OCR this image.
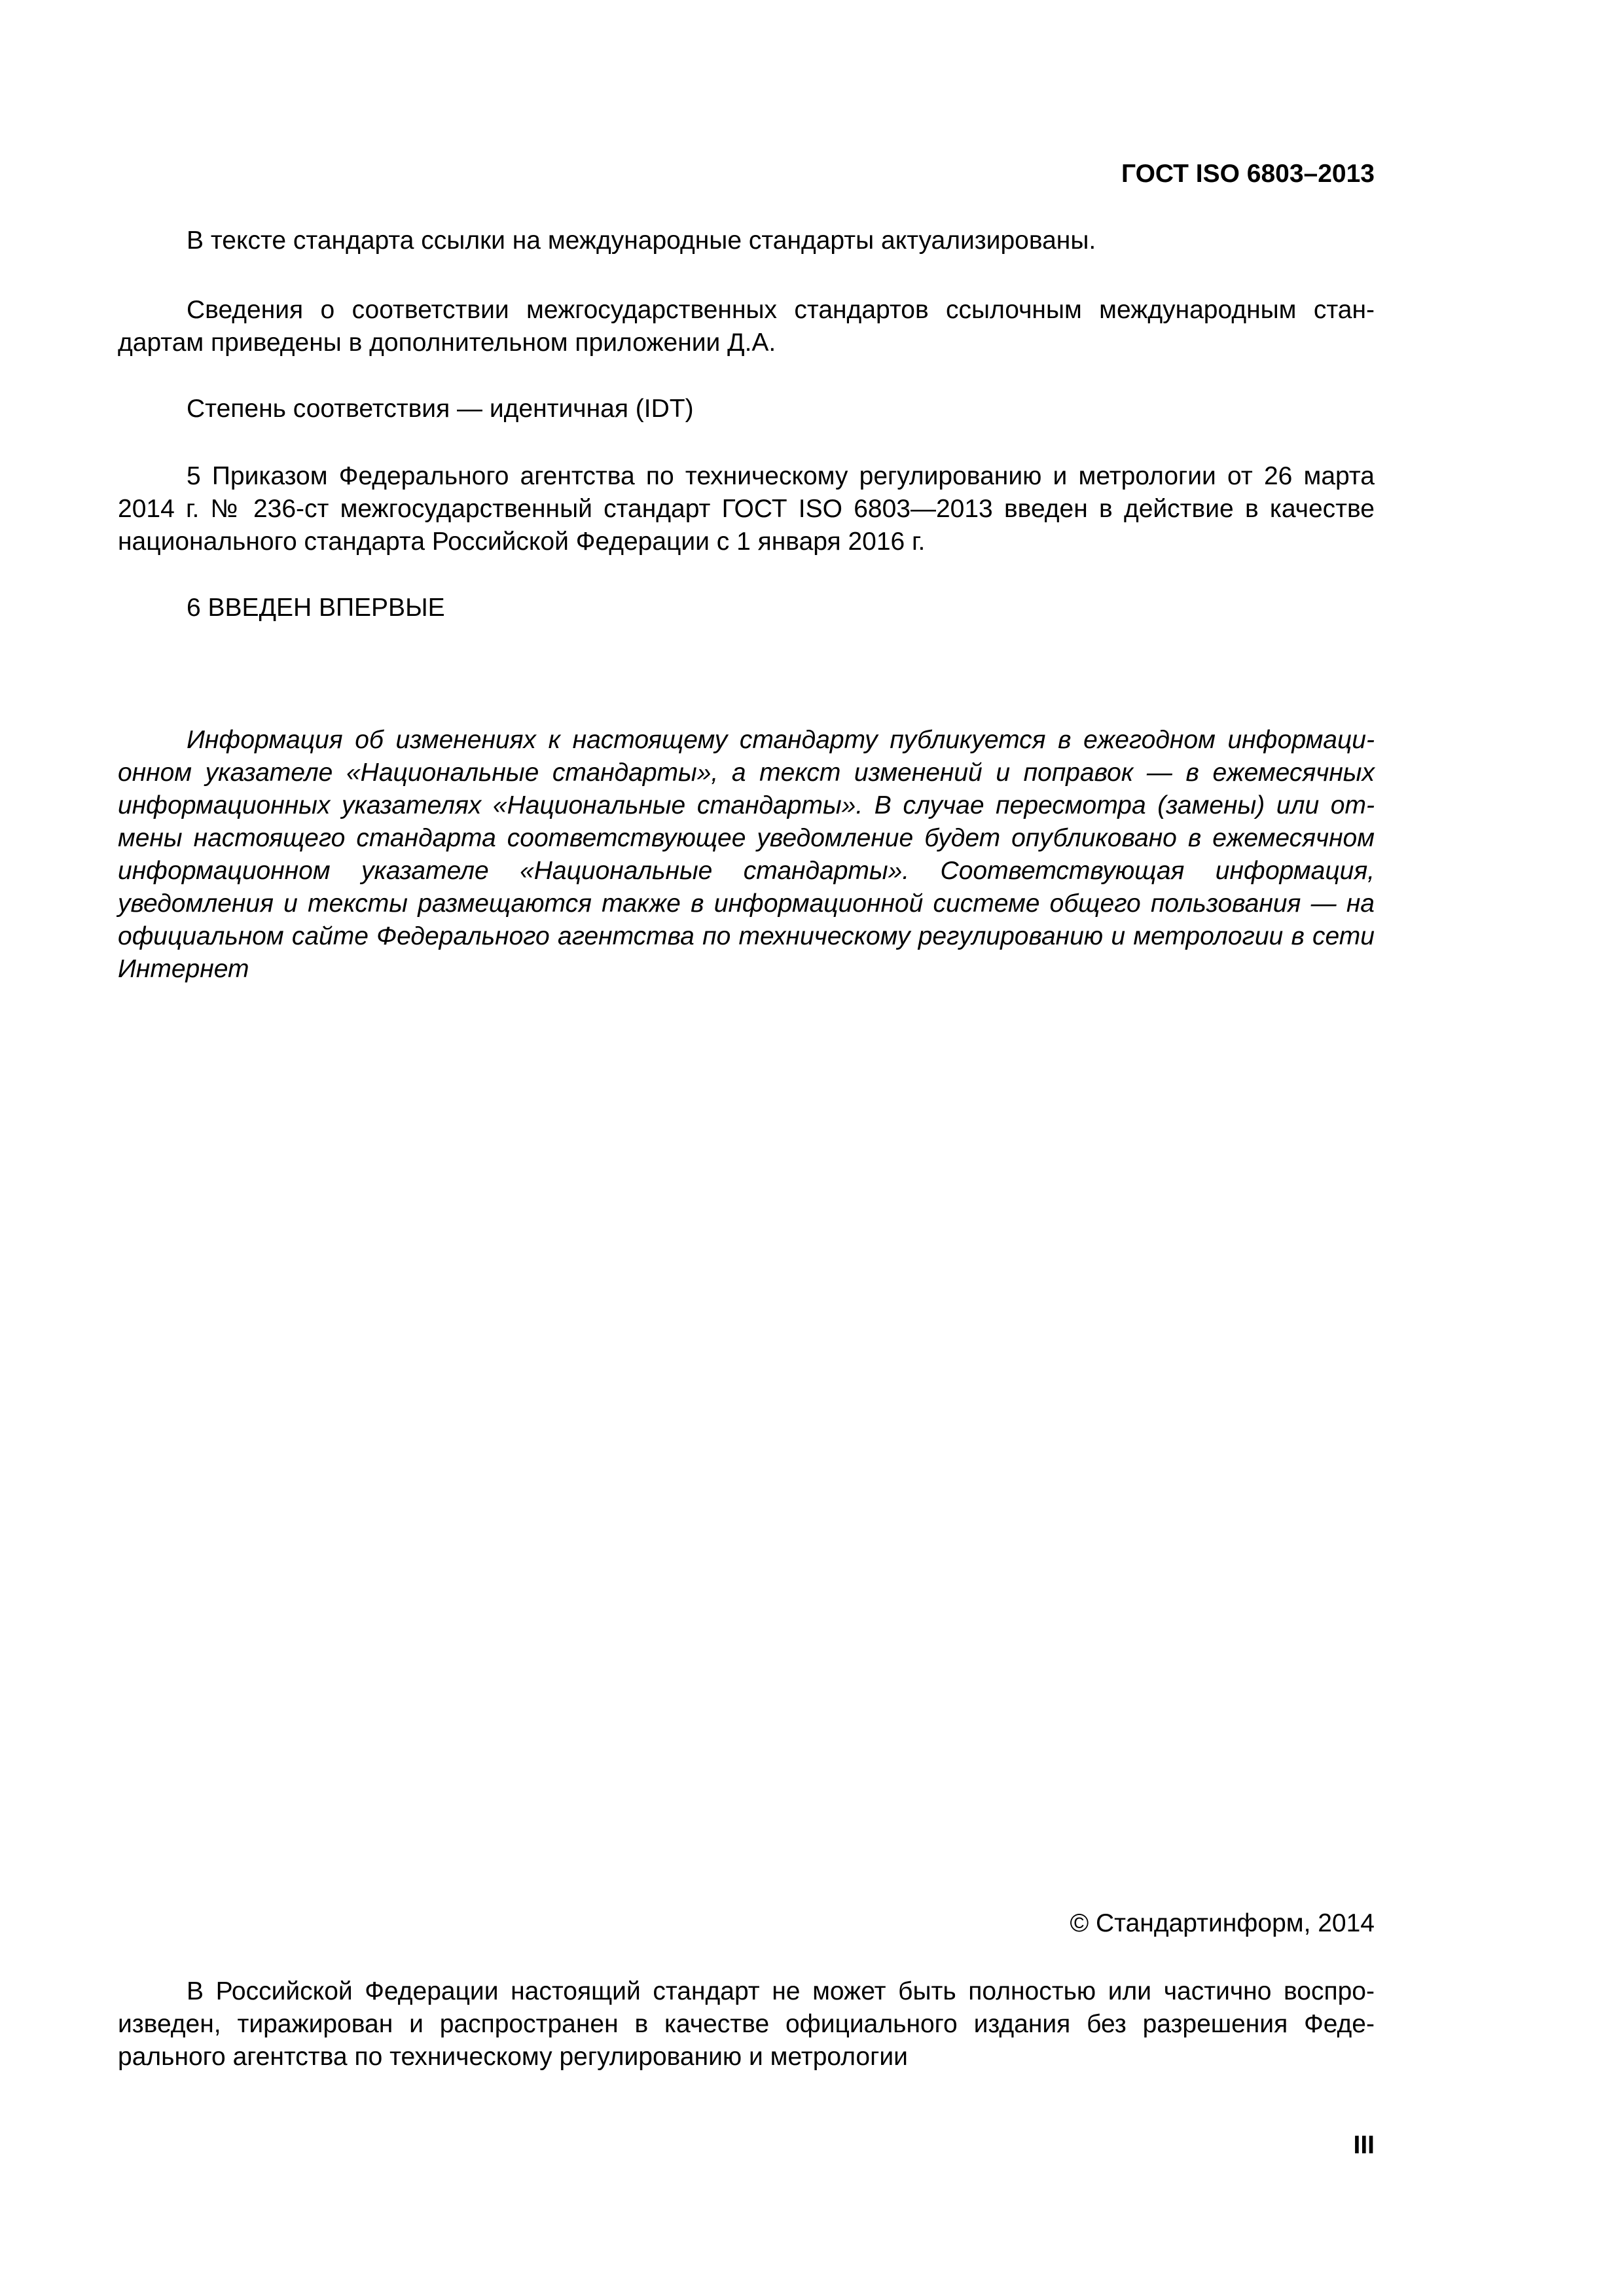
ГОСТ ISO 6803–2013

В тексте стандарта ссылки на международные стандарты актуализированы.

Сведения о соответствии межгосударственных стандартов ссылочным международным стандартам приведены в дополнительном приложении Д.А.

Степень соответствия — идентичная (IDT)

5 Приказом Федерального агентства по техническому регулированию и метрологии от 26 марта 2014 г. № 236-ст межгосударственный стандарт ГОСТ ISO 6803—2013 введен в действие в качестве национального стандарта Российской Федерации с 1 января 2016 г.

6 ВВЕДЕН ВПЕРВЫЕ

Информация об изменениях к настоящему стандарту публикуется в ежегодном информационном указателе «Национальные стандарты», а текст изменений и поправок — в ежемесячных информационных указателях «Национальные стандарты». В случае пересмотра (замены) или отмены настоящего стандарта соответствующее уведомление будет опубликовано в ежемесячном информационном указателе «Национальные стандарты». Соответствующая информация, уведомления и тексты размещаются также в информационной системе общего пользования — на официальном сайте Федерального агентства по техническому регулированию и метрологии в сети Интернет

© Стандартинформ, 2014

В Российской Федерации настоящий стандарт не может быть полностью или частично воспроизведен, тиражирован и распространен в качестве официального издания без разрешения Федерального агентства по техническому регулированию и метрологии

III
